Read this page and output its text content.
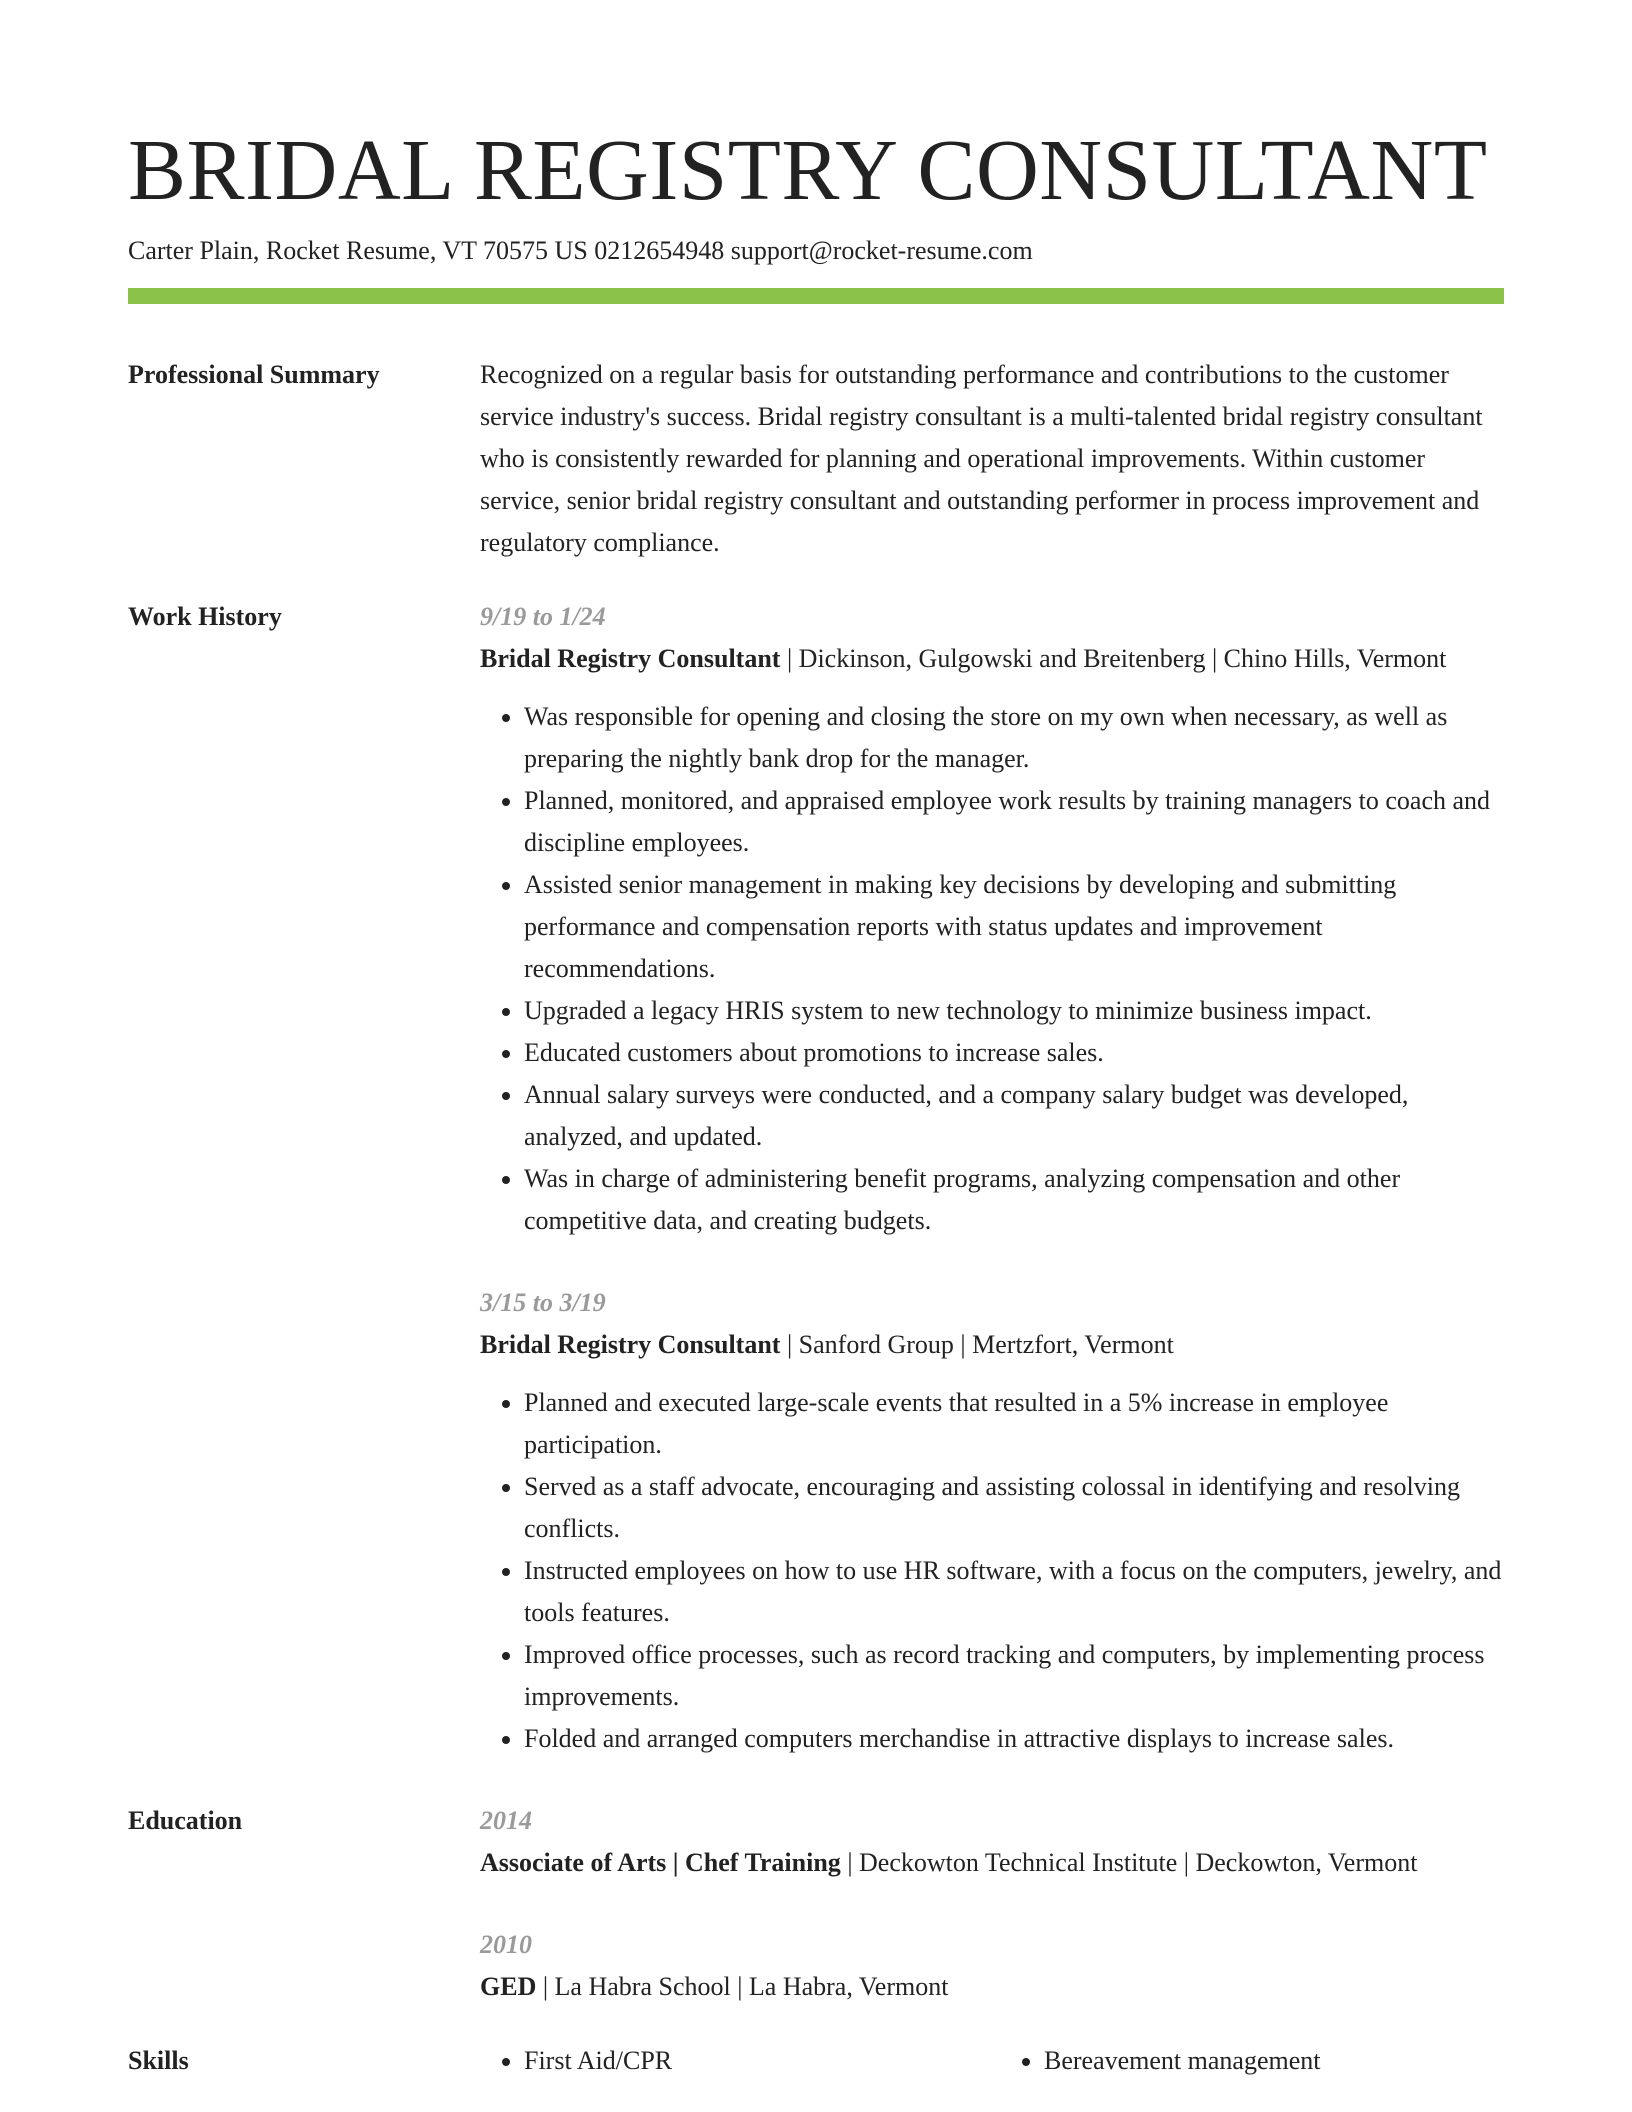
BRIDAL REGISTRY CONSULTANT
Carter Plain, Rocket Resume, VT 70575 US 0212654948 support@rocket-resume.com
Professional Summary	Recognized on a regular basis for outstanding performance and contributions to the customer service industry's success. Bridal registry consultant is a multi-talented bridal registry consultant who is consistently rewarded for planning and operational improvements. Within customer service, senior bridal registry consultant and outstanding performer in process improvement and regulatory compliance.

Work History	9/19 to 1/24
Bridal Registry Consultant | Dickinson, Gulgowski and Breitenberg | Chino Hills, Vermont
• Was responsible for opening and closing the store on my own when necessary, as well as preparing the nightly bank drop for the manager.
• Planned, monitored, and appraised employee work results by training managers to coach and discipline employees.
• Assisted senior management in making key decisions by developing and submitting performance and compensation reports with status updates and improvement recommendations.
• Upgraded a legacy HRIS system to new technology to minimize business impact.
• Educated customers about promotions to increase sales.
• Annual salary surveys were conducted, and a company salary budget was developed, analyzed, and updated.
• Was in charge of administering benefit programs, analyzing compensation and other competitive data, and creating budgets.
3/15 to 3/19
Bridal Registry Consultant | Sanford Group | Mertzfort, Vermont
• Planned and executed large-scale events that resulted in a 5% increase in employee participation.
• Served as a staff advocate, encouraging and assisting colossal in identifying and resolving conflicts.
• Instructed employees on how to use HR software, with a focus on the computers, jewelry, and tools features.
• Improved office processes, such as record tracking and computers, by implementing process improvements.
• Folded and arranged computers merchandise in attractive displays to increase sales.
Education	2014
Associate of Arts | Chef Training | Deckowton Technical Institute | Deckowton, Vermont
2010
GED | La Habra School | La Habra, Vermont
Skills	• First Aid/CPR	• Bereavement management
